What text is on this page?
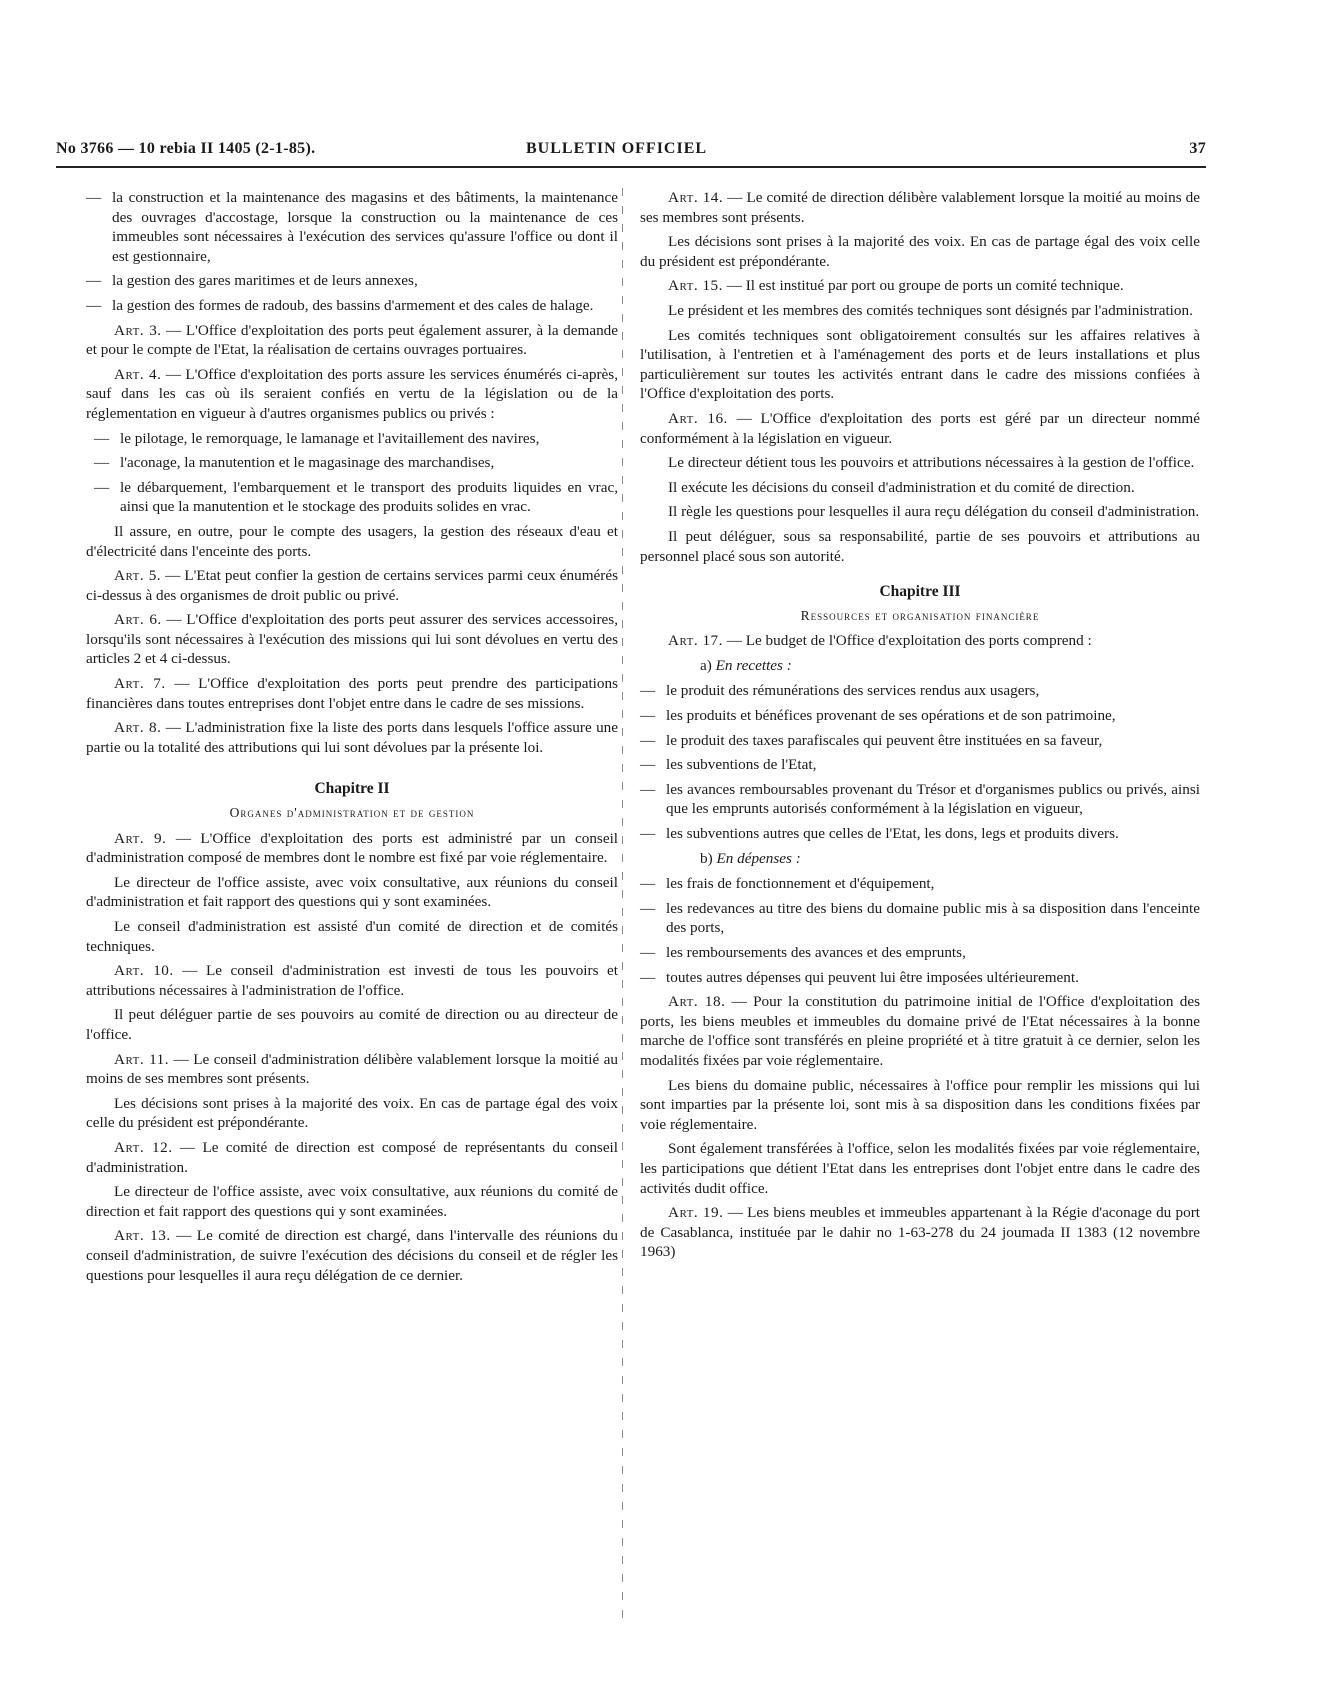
No 3766 — 10 rebia II 1405 (2-1-85).	BULLETIN OFFICIEL	37
— la construction et la maintenance des magasins et des bâtiments, la maintenance des ouvrages d'accostage, lorsque la construction ou la maintenance de ces immeubles sont nécessaires à l'exécution des services qu'assure l'office ou dont il est gestionnaire,
— la gestion des gares maritimes et de leurs annexes,
— la gestion des formes de radoub, des bassins d'armement et des cales de halage.

Art. 3. — L'Office d'exploitation des ports peut également assurer, à la demande et pour le compte de l'Etat, la réalisation de certains ouvrages portuaires.

Art. 4. — L'Office d'exploitation des ports assure les services énumérés ci-après, sauf dans les cas où ils seraient confiés en vertu de la législation ou de la réglementation en vigueur à d'autres organismes publics ou privés :

— le pilotage, le remorquage, le lamanage et l'avitaillement des navires,
— l'aconage, la manutention et le magasinage des marchandises,
— le débarquement, l'embarquement et le transport des produits liquides en vrac, ainsi que la manutention et le stockage des produits solides en vrac.

Il assure, en outre, pour le compte des usagers, la gestion des réseaux d'eau et d'électricité dans l'enceinte des ports.

Art. 5. — L'Etat peut confier la gestion de certains services parmi ceux énumérés ci-dessus à des organismes de droit public ou privé.

Art. 6. — L'Office d'exploitation des ports peut assurer des services accessoires, lorsqu'ils sont nécessaires à l'exécution des missions qui lui sont dévolues en vertu des articles 2 et 4 ci-dessus.

Art. 7. — L'Office d'exploitation des ports peut prendre des participations financières dans toutes entreprises dont l'objet entre dans le cadre de ses missions.

Art. 8. — L'administration fixe la liste des ports dans lesquels l'office assure une partie ou la totalité des attributions qui lui sont dévolues par la présente loi.

Chapitre II
Organes d'administration et de gestion

Art. 9. — L'Office d'exploitation des ports est administré par un conseil d'administration composé de membres dont le nombre est fixé par voie réglementaire.

Le directeur de l'office assiste, avec voix consultative, aux réunions du conseil d'administration et fait rapport des questions qui y sont examinées.

Le conseil d'administration est assisté d'un comité de direction et de comités techniques.

Art. 10. — Le conseil d'administration est investi de tous les pouvoirs et attributions nécessaires à l'administration de l'office.

Il peut déléguer partie de ses pouvoirs au comité de direction ou au directeur de l'office.

Art. 11. — Le conseil d'administration délibère valablement lorsque la moitié au moins de ses membres sont présents.

Les décisions sont prises à la majorité des voix. En cas de partage égal des voix celle du président est prépondérante.

Art. 12. — Le comité de direction est composé de représentants du conseil d'administration.

Le directeur de l'office assiste, avec voix consultative, aux réunions du comité de direction et fait rapport des questions qui y sont examinées.

Art. 13. — Le comité de direction est chargé, dans l'intervalle des réunions du conseil d'administration, de suivre l'exécution des décisions du conseil et de régler les questions pour lesquelles il aura reçu délégation de ce dernier.

Art. 14. — Le comité de direction délibère valablement lorsque la moitié au moins de ses membres sont présents.

Les décisions sont prises à la majorité des voix. En cas de partage égal des voix celle du président est prépondérante.

Art. 15. — Il est institué par port ou groupe de ports un comité technique.

Le président et les membres des comités techniques sont désignés par l'administration.

Les comités techniques sont obligatoirement consultés sur les affaires relatives à l'utilisation, à l'entretien et à l'aménagement des ports et de leurs installations et plus particulièrement sur toutes les activités entrant dans le cadre des missions confiées à l'Office d'exploitation des ports.

Art. 16. — L'Office d'exploitation des ports est géré par un directeur nommé conformément à la législation en vigueur.

Le directeur détient tous les pouvoirs et attributions nécessaires à la gestion de l'office.

Il exécute les décisions du conseil d'administration et du comité de direction.

Il règle les questions pour lesquelles il aura reçu délégation du conseil d'administration.

Il peut déléguer, sous sa responsabilité, partie de ses pouvoirs et attributions au personnel placé sous son autorité.

Chapitre III
Ressources et organisation financière

Art. 17. — Le budget de l'Office d'exploitation des ports comprend :

a) En recettes :

— le produit des rémunérations des services rendus aux usagers,
— les produits et bénéfices provenant de ses opérations et de son patrimoine,
— le produit des taxes parafiscales qui peuvent être instituées en sa faveur,
— les subventions de l'Etat,
— les avances remboursables provenant du Trésor et d'organismes publics ou privés, ainsi que les emprunts autorisés conformément à la législation en vigueur,
— les subventions autres que celles de l'Etat, les dons, legs et produits divers.

b) En dépenses :

— les frais de fonctionnement et d'équipement,
— les redevances au titre des biens du domaine public mis à sa disposition dans l'enceinte des ports,
— les remboursements des avances et des emprunts,
— toutes autres dépenses qui peuvent lui être imposées ultérieurement.

Art. 18. — Pour la constitution du patrimoine initial de l'Office d'exploitation des ports, les biens meubles et immeubles du domaine privé de l'Etat nécessaires à la bonne marche de l'office sont transférés en pleine propriété et à titre gratuit à ce dernier, selon les modalités fixées par voie réglementaire.

Les biens du domaine public, nécessaires à l'office pour remplir les missions qui lui sont imparties par la présente loi, sont mis à sa disposition dans les conditions fixées par voie réglementaire.

Sont également transférées à l'office, selon les modalités fixées par voie réglementaire, les participations que détient l'Etat dans les entreprises dont l'objet entre dans le cadre des activités dudit office.

Art. 19. — Les biens meubles et immeubles appartenant à la Régie d'aconage du port de Casablanca, instituée par le dahir no 1-63-278 du 24 joumada II 1383 (12 novembre 1963)
